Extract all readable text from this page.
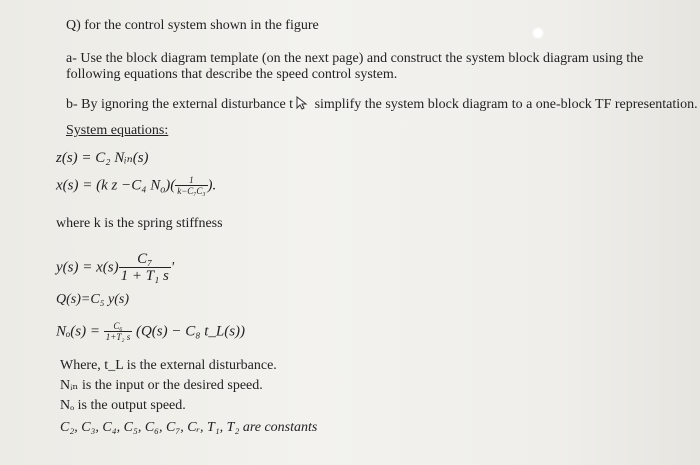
Q) for the control system shown in the figure
a- Use the block diagram template (on the next page) and construct the system block diagram using the
following equations that describe the speed control system.
b- By ignoring the external disturbance t simplify the system block diagram to a one-block TF representation.
System equations:
z(s) = C₂ Nᵢₙ(s)
x(s) = (k z −C₄ $N_o)( \frac{1}{\text{k−C₇C₃}}$ ).
where k is the spring stiffness
$y(s) = x(s) \frac{\text{C₇}}{\text{1 + T₁ s}}$ '
Q(s)=C₅ y(s)
$N_o(s) = \frac{\text{C₆}}{\text{1+T₂ s}} (Q(s) - C_8$ t_L(s))
Where, t_L is the external disturbance.
Nᵢₙ is the input or the desired speed.
Nₒ is the output speed.
C₂, C₃, C₄, C₅, C₆, C₇, Cᵣ, T₁, T₂ are constants
